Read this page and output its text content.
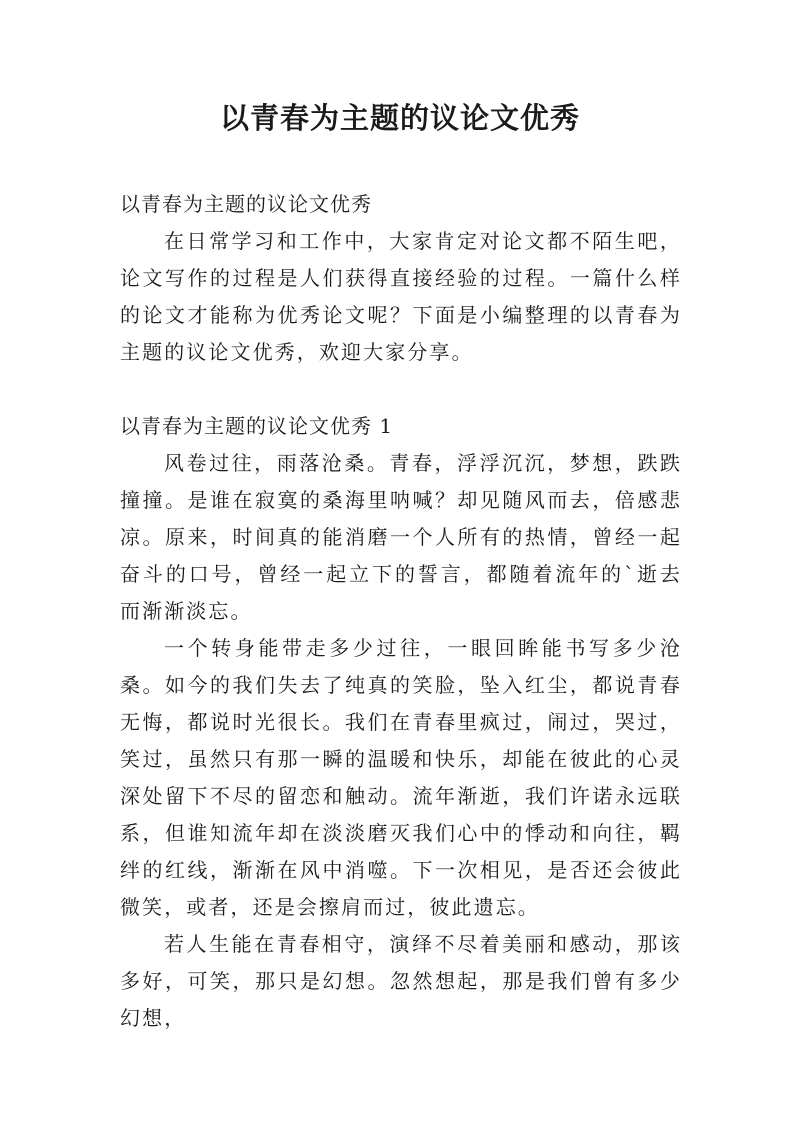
以青春为主题的议论文优秀

以青春为主题的议论文优秀

在日常学习和工作中，大家肯定对论文都不陌生吧，论文写作的过程是人们获得直接经验的过程。一篇什么样的论文才能称为优秀论文呢？下面是小编整理的以青春为主题的议论文优秀，欢迎大家分享。

以青春为主题的议论文优秀 1

风卷过往，雨落沧桑。青春，浮浮沉沉，梦想，跌跌撞撞。是谁在寂寞的桑海里呐喊？却见随风而去，倍感悲凉。原来，时间真的能消磨一个人所有的热情，曾经一起奋斗的口号，曾经一起立下的誓言，都随着流年的`逝去而渐渐淡忘。

一个转身能带走多少过往，一眼回眸能书写多少沧桑。如今的我们失去了纯真的笑脸，坠入红尘，都说青春无悔，都说时光很长。我们在青春里疯过，闹过，哭过，笑过，虽然只有那一瞬的温暖和快乐，却能在彼此的心灵深处留下不尽的留恋和触动。流年渐逝，我们许诺永远联系，但谁知流年却在淡淡磨灭我们心中的悸动和向往，羁绊的红线，渐渐在风中消噬。下一次相见，是否还会彼此微笑，或者，还是会擦肩而过，彼此遗忘。

若人生能在青春相守，演绎不尽着美丽和感动，那该多好，可笑，那只是幻想。忽然想起，那是我们曾有多少幻想，
